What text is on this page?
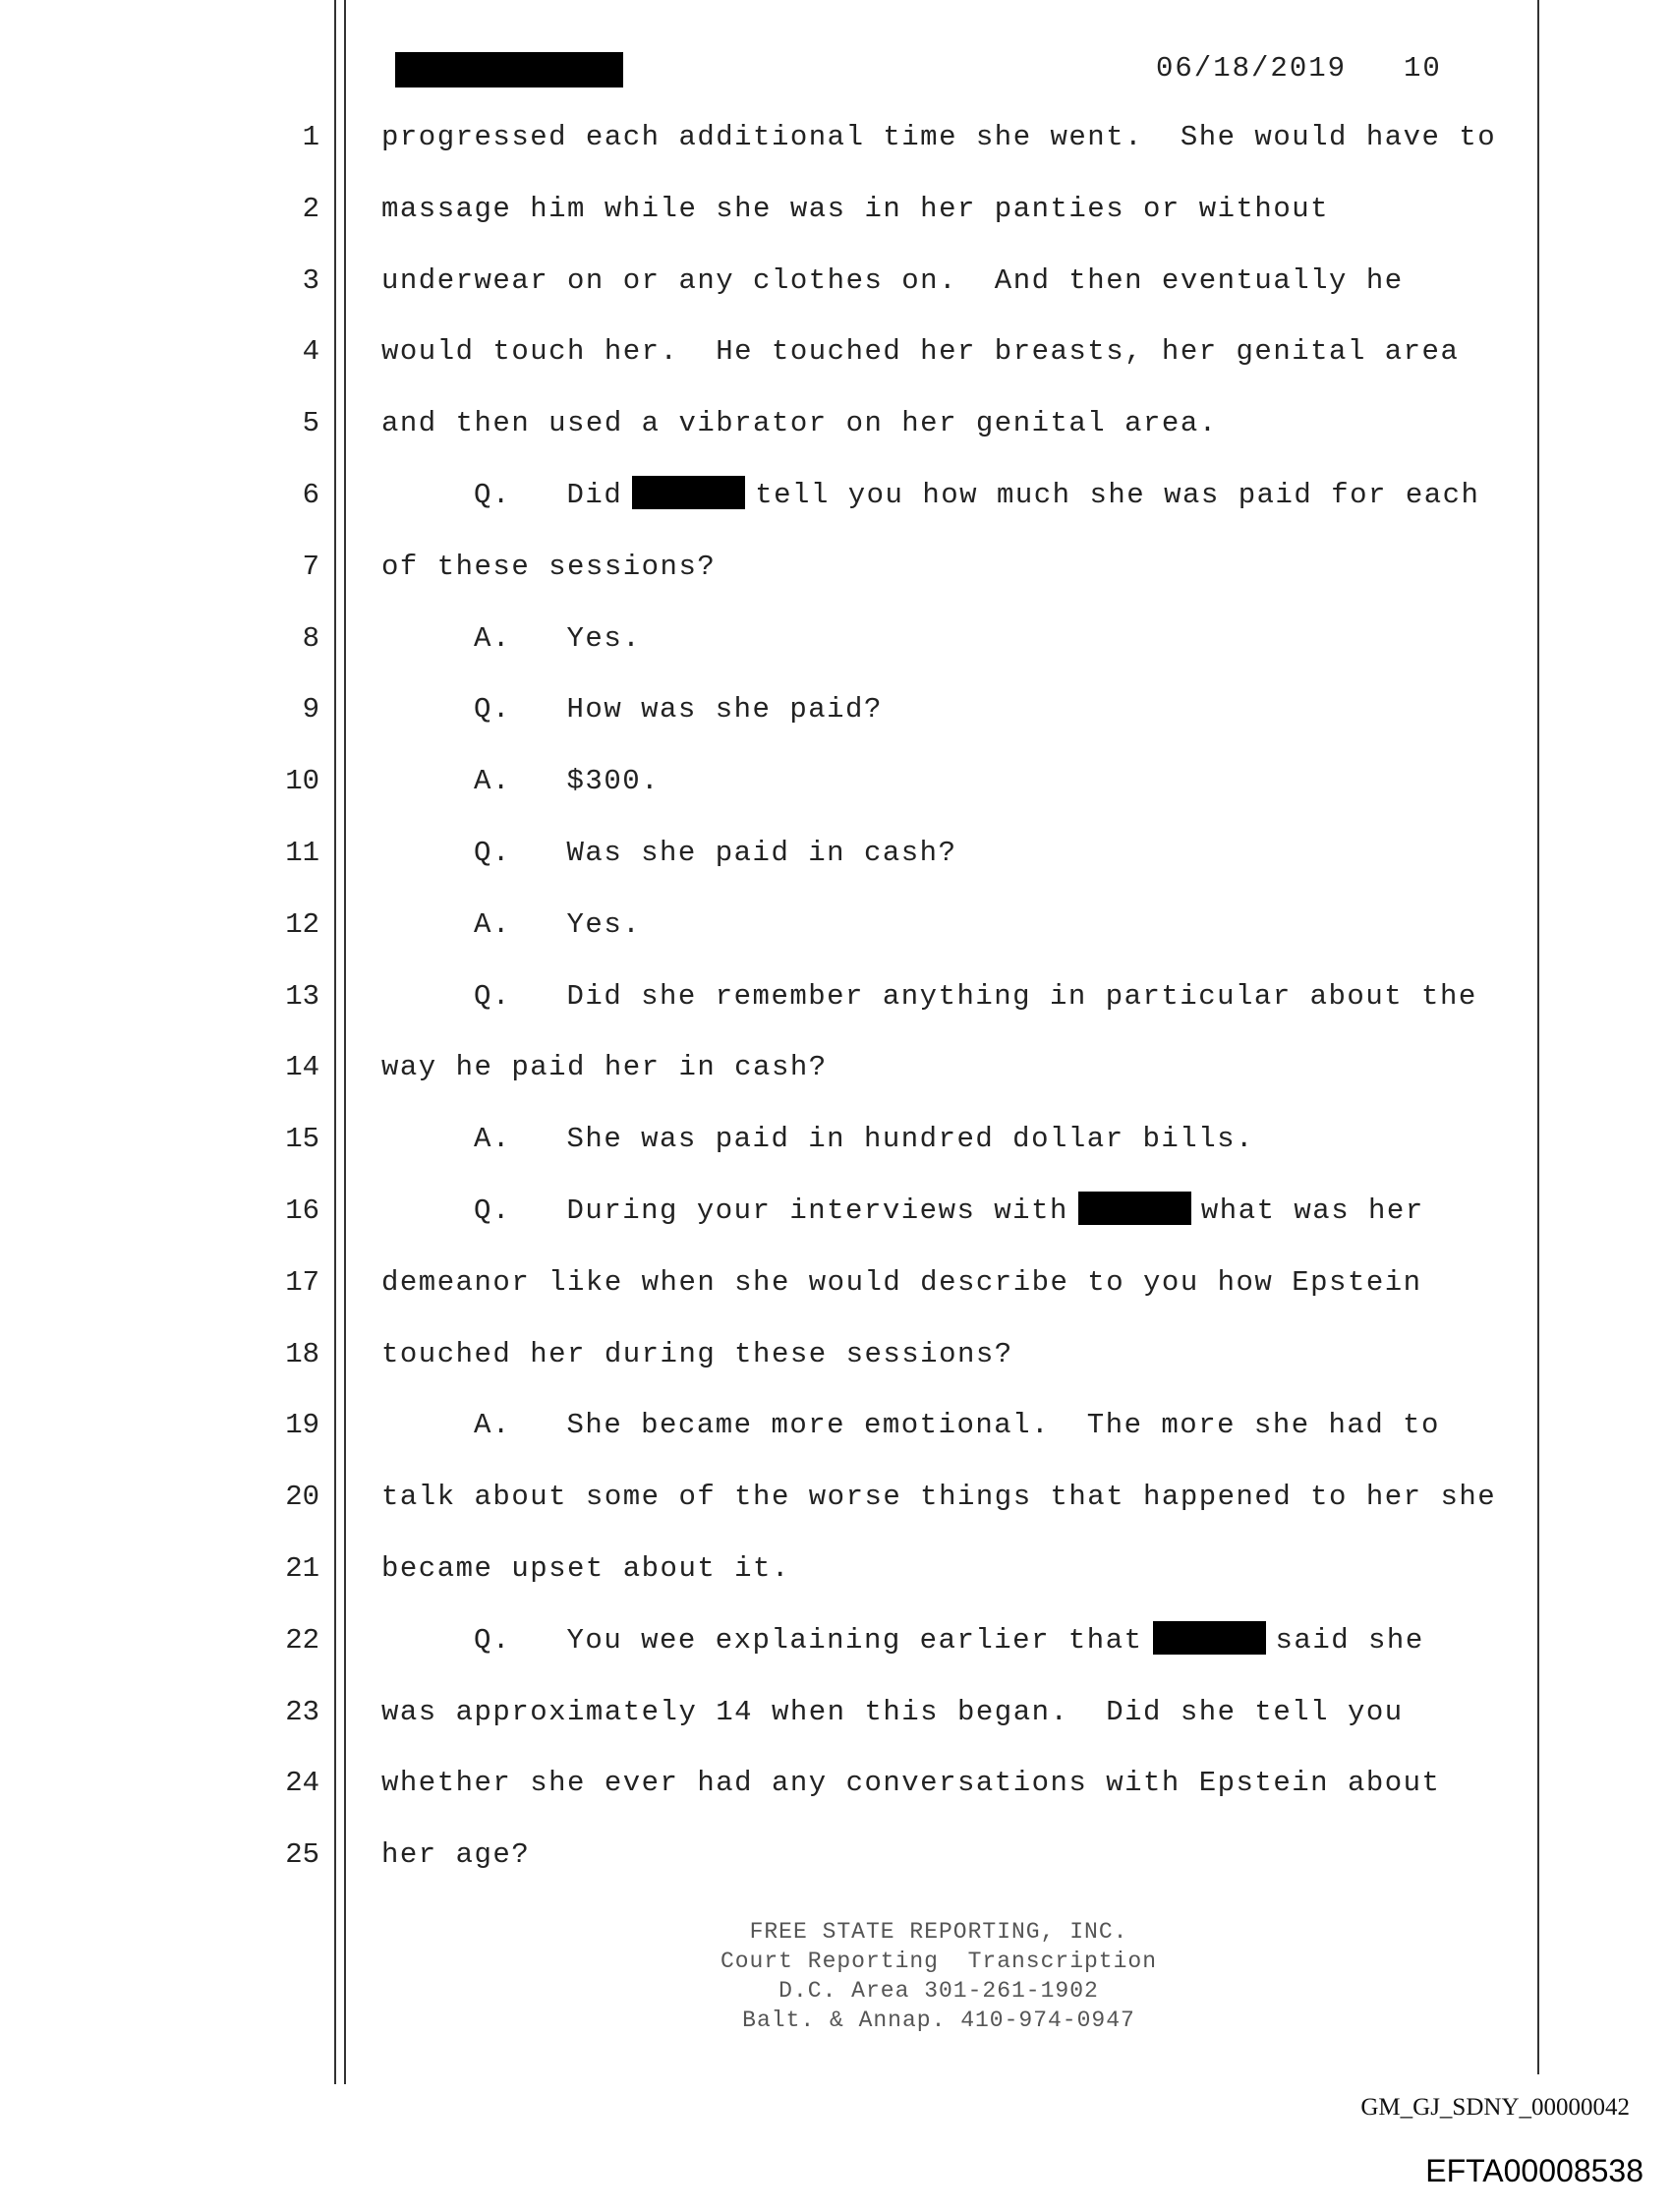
06/18/2019 10
1 progressed each additional time she went.  She would have to
2 massage him while she was in her panties or without
3 underwear on or any clothes on.  And then eventually he
4 would touch her.  He touched her breasts, her genital area
5 and then used a vibrator on her genital area.
6	Q.   Did	tell you how much she was paid for each
7 of these sessions?
8	A.   Yes.
9	Q.   How was she paid?
10	A.   $300.
11	Q.   Was she paid in cash?
12	A.   Yes.
13	Q.   Did she remember anything in particular about the
14 way he paid her in cash?
15	A.   She was paid in hundred dollar bills.
16	Q.   During your interviews with	what was her
17 demeanor like when she would describe to you how Epstein
18 touched her during these sessions?
19	A.   She became more emotional.  The more she had to
20 talk about some of the worse things that happened to her she
21 became upset about it.
22	Q.   You wee explaining earlier that	said she
23 was approximately 14 when this began.  Did she tell you
24 whether she ever had any conversations with Epstein about
25 her age?
FREE STATE REPORTING, INC.
Court Reporting  Transcription
D.C. Area 301-261-1902
Balt. & Annap. 410-974-0947
GM_GJ_SDNY_00000042
EFTA00008538
